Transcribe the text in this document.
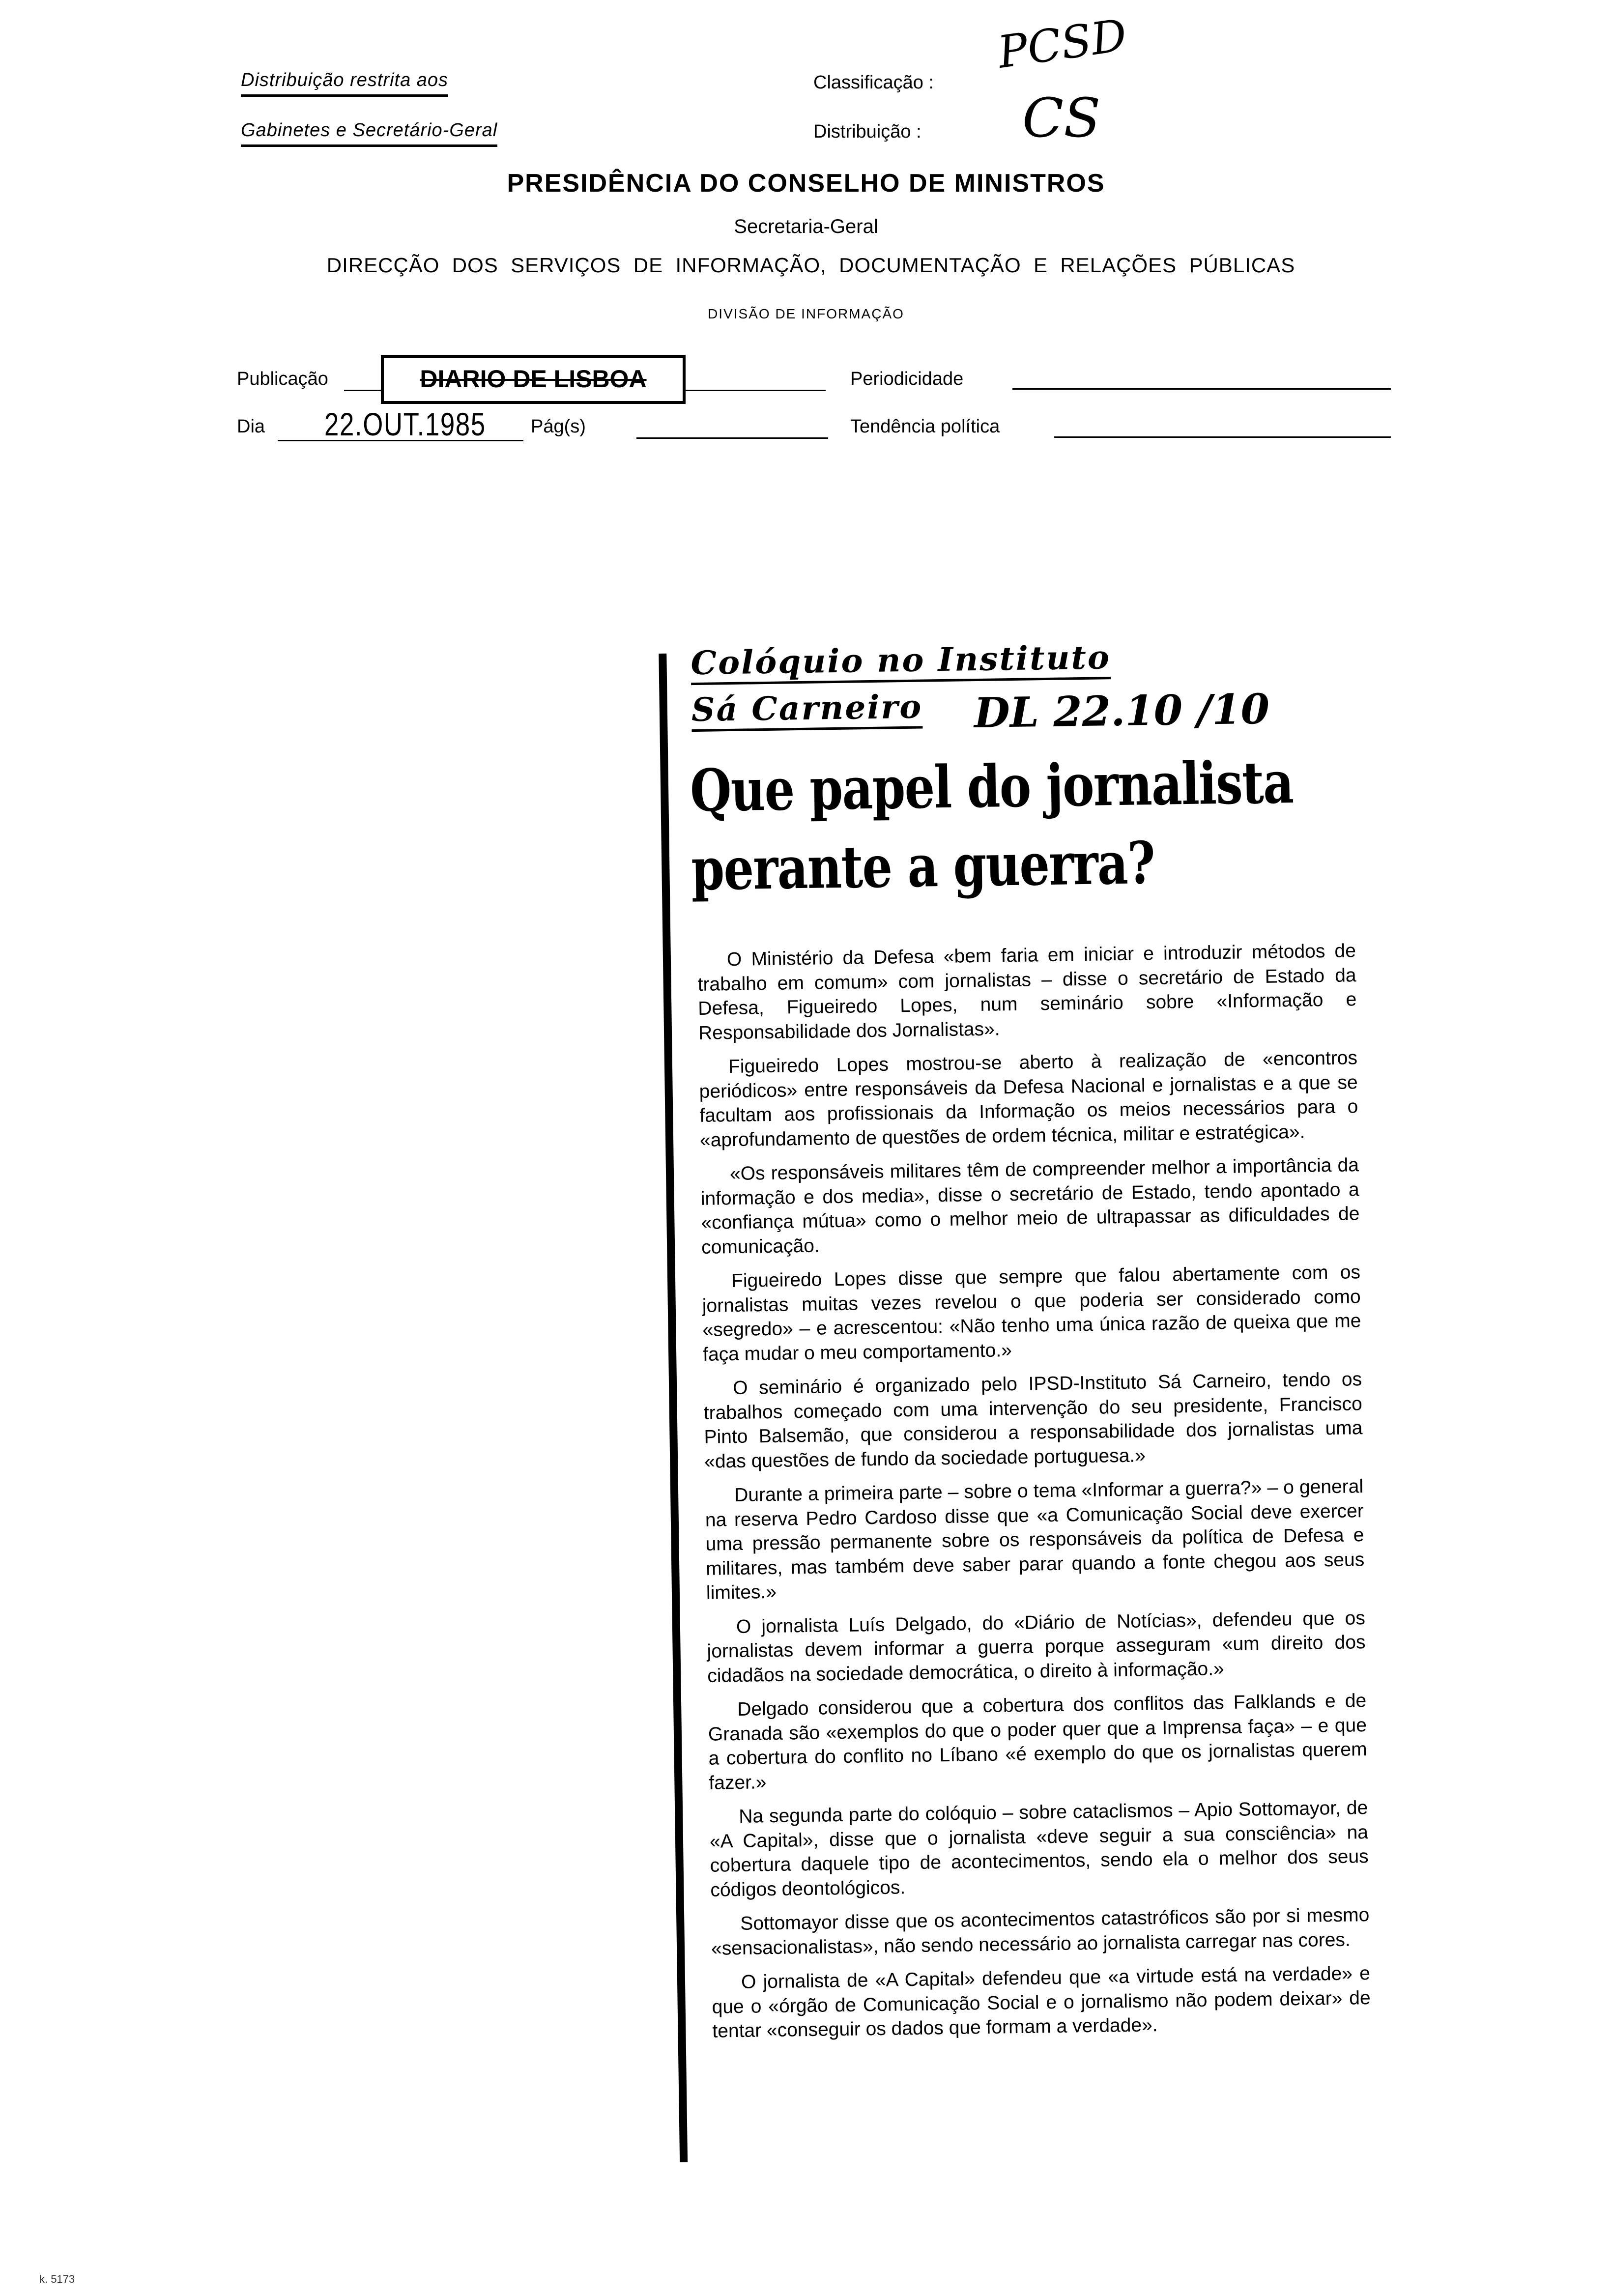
Distribuição restrita aos
Gabinetes e Secretário-Geral
Classificação :
PCSD
Distribuição : CS
PRESIDÊNCIA DO CONSELHO DE MINISTROS
Secretaria-Geral
DIRECÇÃO  DOS  SERVIÇOS  DE  INFORMAÇÃO,  DOCUMENTAÇÃO  E  RELAÇÕES  PÚBLICAS
DIVISÃO DE INFORMAÇÃO
Publicação	DIARIO DE LISBOA	Periodicidade
Dia 22.OUT.1985 Pág(s)	Tendência política
Colóquio no Instituto
Sá Carneiro DL 22.10 /10
Que papel do jornalista
perante a guerra?

O Ministério da Defesa «bem faria em iniciar e introduzir métodos de trabalho em comum» com jornalistas – disse o secretário de Estado da Defesa, Figueiredo Lopes, num seminário sobre «Informação e Responsabilidade dos Jornalistas».

Figueiredo Lopes mostrou-se aberto à realização de «encontros periódicos» entre responsáveis da Defesa Nacional e jornalistas e a que se facultam aos profissionais da Informação os meios necessários para o «aprofundamento de questões de ordem técnica, militar e estratégica».

«Os responsáveis militares têm de compreender melhor a importância da informação e dos media», disse o secretário de Estado, tendo apontado a «confiança mútua» como o melhor meio de ultrapassar as dificuldades de comunicação.

Figueiredo Lopes disse que sempre que falou abertamente com os jornalistas muitas vezes revelou o que poderia ser considerado como «segredo» – e acrescentou: «Não tenho uma única razão de queixa que me faça mudar o meu comportamento.»

O seminário é organizado pelo IPSD-Instituto Sá Carneiro, tendo os trabalhos começado com uma intervenção do seu presidente, Francisco Pinto Balsemão, que considerou a responsabilidade dos jornalistas uma «das questões de fundo da sociedade portuguesa.»

Durante a primeira parte – sobre o tema «Informar a guerra?» – o general na reserva Pedro Cardoso disse que «a Comunicação Social deve exercer uma pressão permanente sobre os responsáveis da política de Defesa e militares, mas também deve saber parar quando a fonte chegou aos seus limites.»

O jornalista Luís Delgado, do «Diário de Notícias», defendeu que os jornalistas devem informar a guerra porque asseguram «um direito dos cidadãos na sociedade democrática, o direito à informação.»

Delgado considerou que a cobertura dos conflitos das Falklands e de Granada são «exemplos do que o poder quer que a Imprensa faça» – e que a cobertura do conflito no Líbano «é exemplo do que os jornalistas querem fazer.»

Na segunda parte do colóquio – sobre cataclismos – Apio Sottomayor, de «A Capital», disse que o jornalista «deve seguir a sua consciência» na cobertura daquele tipo de acontecimentos, sendo ela o melhor dos seus códigos deontológicos.

Sottomayor disse que os acontecimentos catastróficos são por si mesmo «sensacionalistas», não sendo necessário ao jornalista carregar nas cores.

O jornalista de «A Capital» defendeu que «a virtude está na verdade» e que o «órgão de Comunicação Social e o jornalismo não podem deixar» de tentar «conseguir os dados que formam a verdade».

k. 5173
